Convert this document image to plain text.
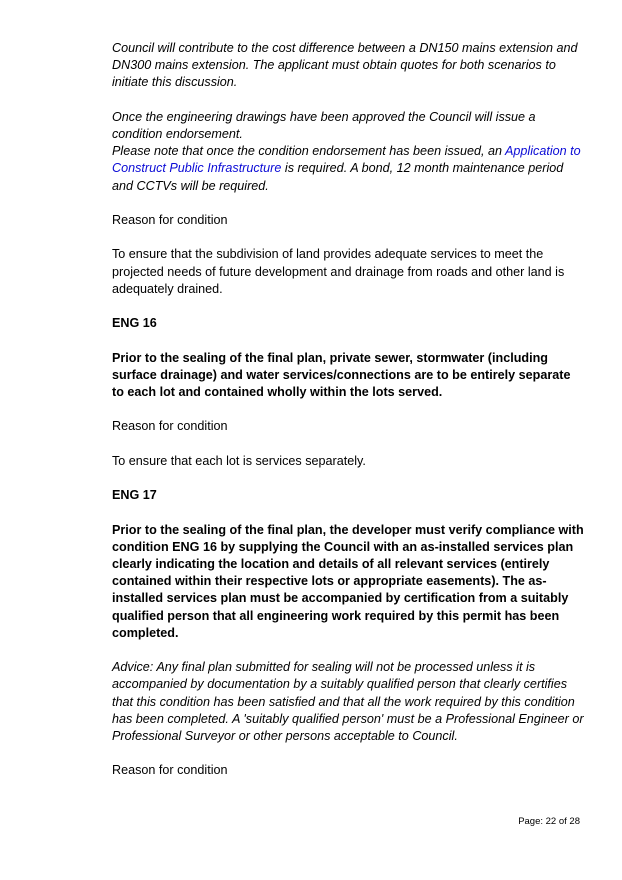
Council will contribute to the cost difference between a DN150 mains extension and DN300 mains extension. The applicant must obtain quotes for both scenarios to initiate this discussion.

Once the engineering drawings have been approved the Council will issue a condition endorsement.

Please note that once the condition endorsement has been issued, an Application to Construct Public Infrastructure is required. A bond, 12 month maintenance period and CCTVs will be required.

Reason for condition

To ensure that the subdivision of land provides adequate services to meet the projected needs of future development and drainage from roads and other land is adequately drained.

ENG 16

Prior to the sealing of the final plan, private sewer, stormwater (including surface drainage) and water services/connections are to be entirely separate to each lot and contained wholly within the lots served.

Reason for condition

To ensure that each lot is services separately.

ENG 17

Prior to the sealing of the final plan, the developer must verify compliance with condition ENG 16 by supplying the Council with an as-installed services plan clearly indicating the location and details of all relevant services (entirely contained within their respective lots or appropriate easements). The as-installed services plan must be accompanied by certification from a suitably qualified person that all engineering work required by this permit has been completed.

Advice: Any final plan submitted for sealing will not be processed unless it is accompanied by documentation by a suitably qualified person that clearly certifies that this condition has been satisfied and that all the work required by this condition has been completed. A 'suitably qualified person' must be a Professional Engineer or Professional Surveyor or other persons acceptable to Council.

Reason for condition

Page: 22 of 28
